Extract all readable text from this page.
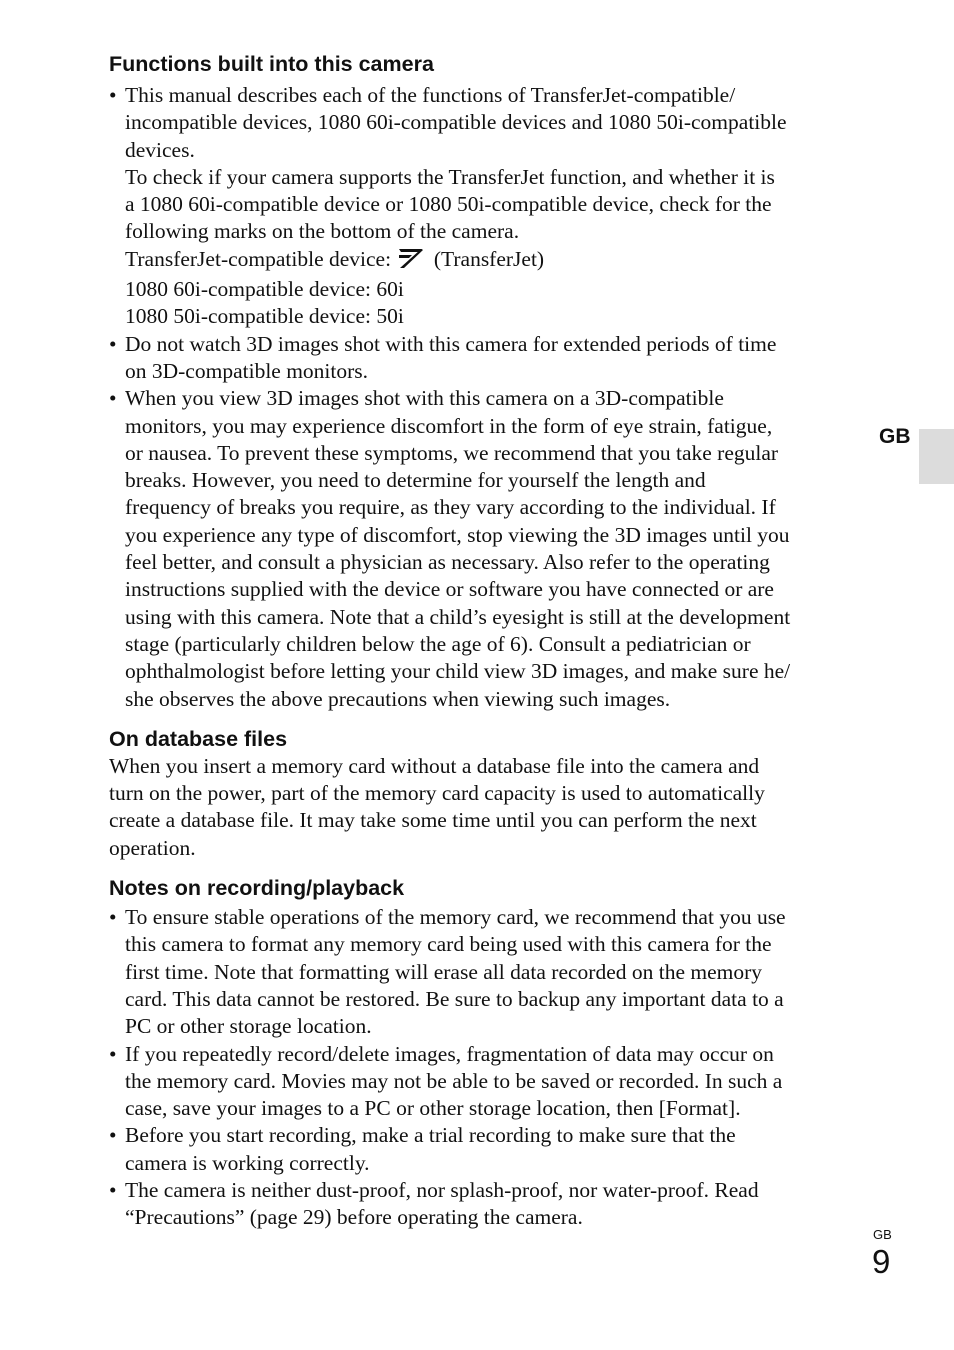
Functions built into this camera
• This manual describes each of the functions of TransferJet-compatible/
incompatible devices, 1080 60i-compatible devices and 1080 50i-compatible
devices.
To check if your camera supports the TransferJet function, and whether it is
a 1080 60i-compatible device or 1080 50i-compatible device, check for the
following marks on the bottom of the camera.
TransferJet-compatible device: (TransferJet)
1080 60i-compatible device: 60i
1080 50i-compatible device: 50i
• Do not watch 3D images shot with this camera for extended periods of time
on 3D-compatible monitors.
• When you view 3D images shot with this camera on a 3D-compatible
monitors, you may experience discomfort in the form of eye strain, fatigue,
or nausea. To prevent these symptoms, we recommend that you take regular
breaks. However, you need to determine for yourself the length and
frequency of breaks you require, as they vary according to the individual. If
you experience any type of discomfort, stop viewing the 3D images until you
feel better, and consult a physician as necessary. Also refer to the operating
instructions supplied with the device or software you have connected or are
using with this camera. Note that a child’s eyesight is still at the development
stage (particularly children below the age of 6). Consult a pediatrician or
ophthalmologist before letting your child view 3D images, and make sure he/
she observes the above precautions when viewing such images.
On database files

When you insert a memory card without a database file into the camera and
turn on the power, part of the memory card capacity is used to automatically
create a database file. It may take some time until you can perform the next
operation.

Notes on recording/playback
• To ensure stable operations of the memory card, we recommend that you use
this camera to format any memory card being used with this camera for the
first time. Note that formatting will erase all data recorded on the memory
card. This data cannot be restored. Be sure to backup any important data to a
PC or other storage location.
• If you repeatedly record/delete images, fragmentation of data may occur on
the memory card. Movies may not be able to be saved or recorded. In such a
case, save your images to a PC or other storage location, then [Format].
• Before you start recording, make a trial recording to make sure that the
camera is working correctly.
• The camera is neither dust-proof, nor splash-proof, nor water-proof. Read
“Precautions” (page 29) before operating the camera.
GB
GB
9
